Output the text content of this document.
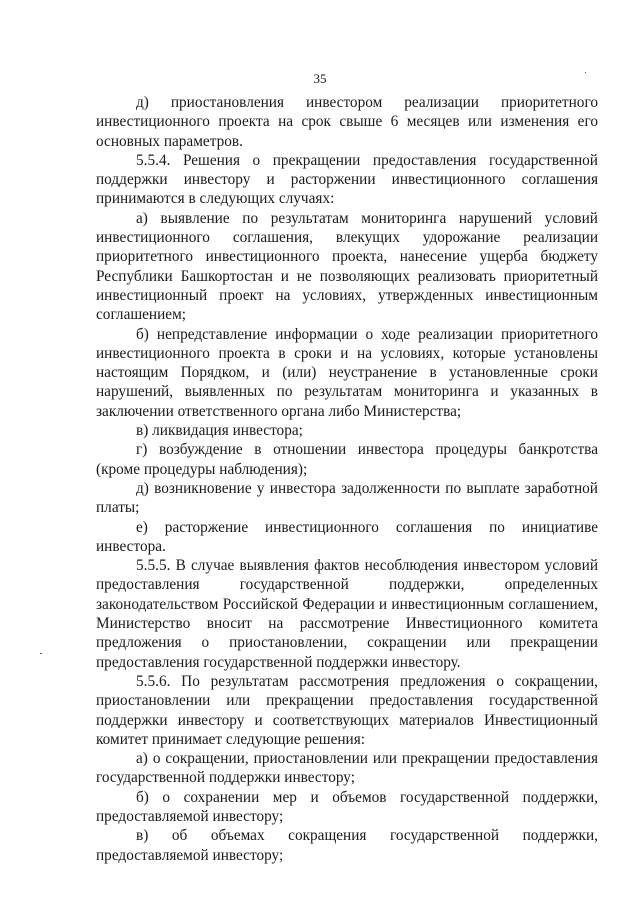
35

д) приостановления инвестором реализации приоритетного инвестиционного проекта на срок свыше 6 месяцев или изменения его основных параметров.

5.5.4. Решения о прекращении предоставления государственной поддержки инвестору и расторжении инвестиционного соглашения принимаются в следующих случаях:

а) выявление по результатам мониторинга нарушений условий инвестиционного соглашения, влекущих удорожание реализации приоритетного инвестиционного проекта, нанесение ущерба бюджету Республики Башкортостан и не позволяющих реализовать приоритетный инвестиционный проект на условиях, утвержденных инвестиционным соглашением;

б) непредставление информации о ходе реализации приоритетного инвестиционного проекта в сроки и на условиях, которые установлены настоящим Порядком, и (или) неустранение в установленные сроки нарушений, выявленных по результатам мониторинга и указанных в заключении ответственного органа либо Министерства;

в) ликвидация инвестора;

г) возбуждение в отношении инвестора процедуры банкротства (кроме процедуры наблюдения);

д) возникновение у инвестора задолженности по выплате заработной платы;

е) расторжение инвестиционного соглашения по инициативе инвестора.

5.5.5. В случае выявления фактов несоблюдения инвестором условий предоставления государственной поддержки, определенных законодательством Российской Федерации и инвестиционным соглашением, Министерство вносит на рассмотрение Инвестиционного комитета предложения о приостановлении, сокращении или прекращении предоставления государственной поддержки инвестору.

5.5.6. По результатам рассмотрения предложения о сокращении, приостановлении или прекращении предоставления государственной поддержки инвестору и соответствующих материалов Инвестиционный комитет принимает следующие решения:

а) о сокращении, приостановлении или прекращении предоставления государственной поддержки инвестору;

б) о сохранении мер и объемов государственной поддержки, предоставляемой инвестору;

в) об объемах сокращения государственной поддержки, предоставляемой инвестору;
